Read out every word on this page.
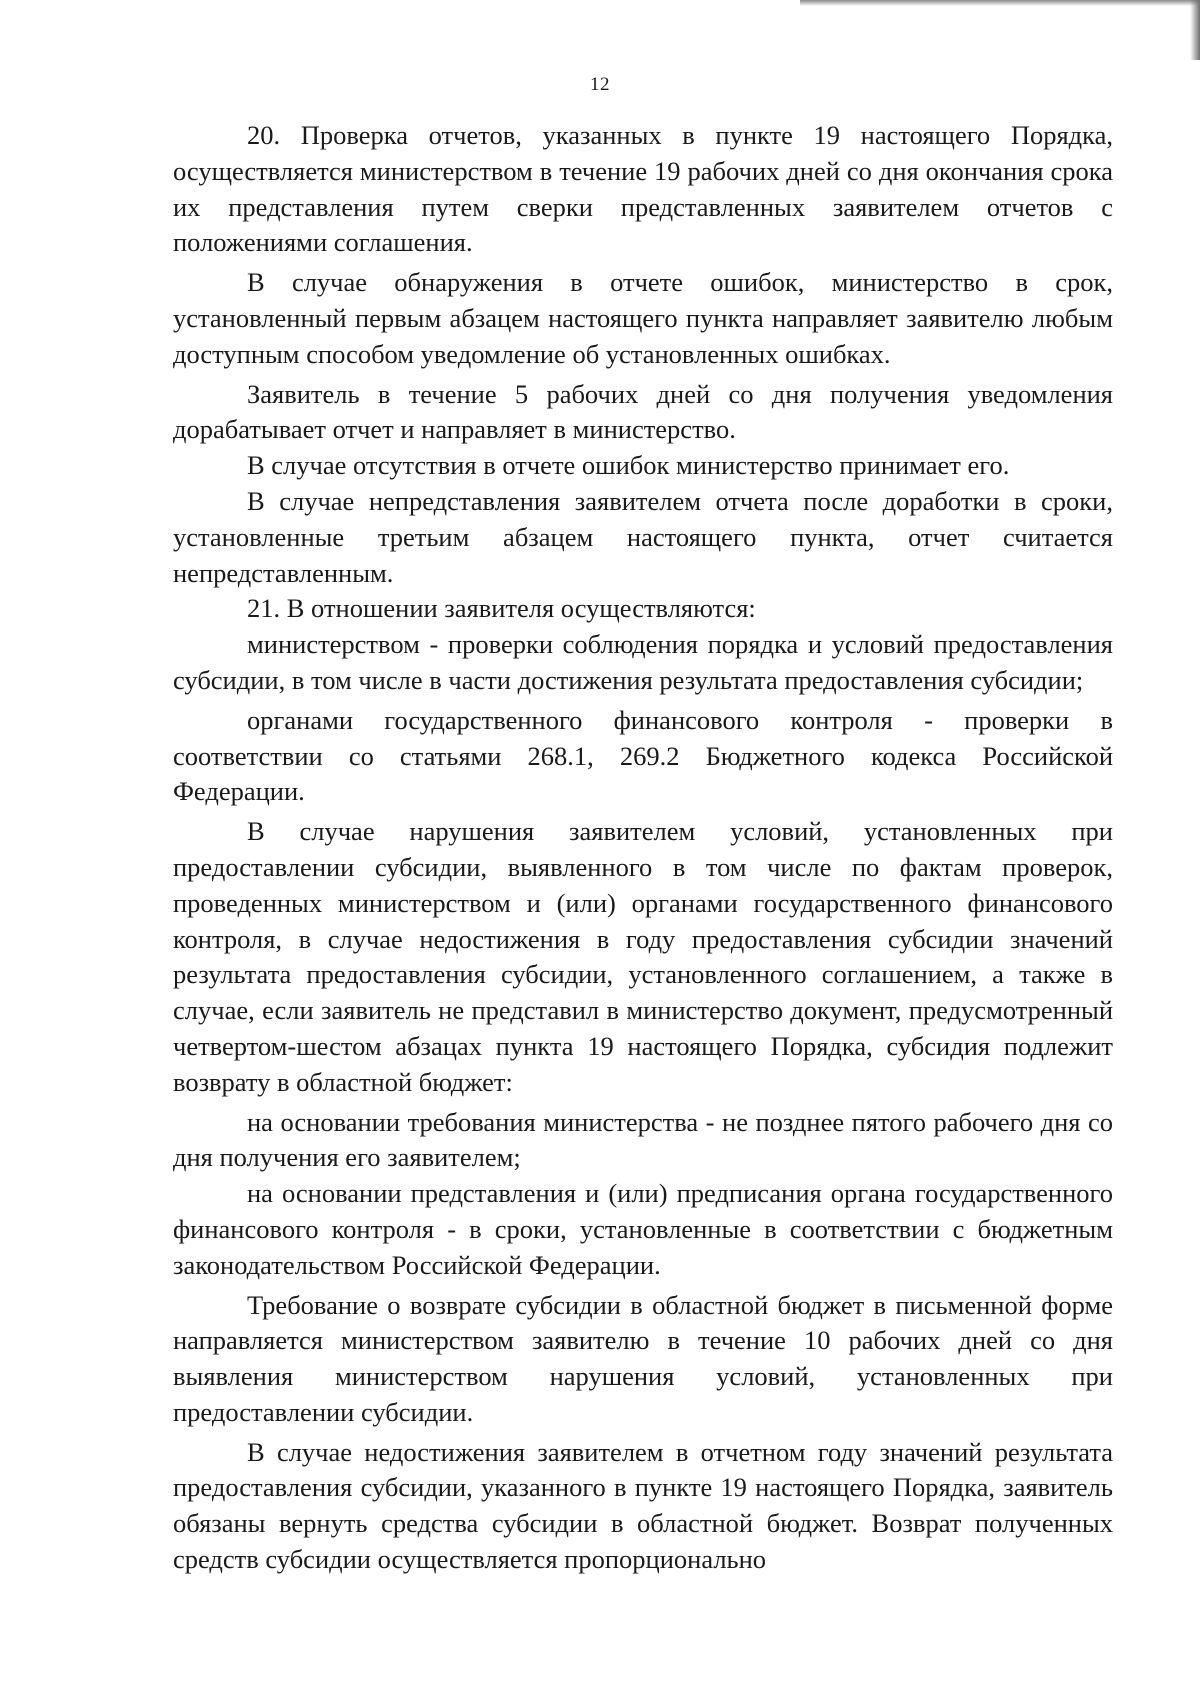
12

20. Проверка отчетов, указанных в пункте 19 настоящего Порядка, осуществляется министерством в течение 19 рабочих дней со дня окончания срока их представления путем сверки представленных заявителем отчетов с положениями соглашения.

В случае обнаружения в отчете ошибок, министерство в срок, установленный первым абзацем настоящего пункта направляет заявителю любым доступным способом уведомление об установленных ошибках.

Заявитель в течение 5 рабочих дней со дня получения уведомления дорабатывает отчет и направляет в министерство.

В случае отсутствия в отчете ошибок министерство принимает его.

В случае непредставления заявителем отчета после доработки в сроки, установленные третьим абзацем настоящего пункта, отчет считается непредставленным.

21. В отношении заявителя осуществляются:

министерством - проверки соблюдения порядка и условий предоставления субсидии, в том числе в части достижения результата предоставления субсидии;

органами государственного финансового контроля - проверки в соответствии со статьями 268.1, 269.2 Бюджетного кодекса Российской Федерации.

В случае нарушения заявителем условий, установленных при предоставлении субсидии, выявленного в том числе по фактам проверок, проведенных министерством и (или) органами государственного финансового контроля, в случае недостижения в году предоставления субсидии значений результата предоставления субсидии, установленного соглашением, а также в случае, если заявитель не представил в министерство документ, предусмотренный четвертом-шестом абзацах пункта 19 настоящего Порядка, субсидия подлежит возврату в областной бюджет:

на основании требования министерства - не позднее пятого рабочего дня со дня получения его заявителем;

на основании представления и (или) предписания органа государственного финансового контроля - в сроки, установленные в соответствии с бюджетным законодательством Российской Федерации.

Требование о возврате субсидии в областной бюджет в письменной форме направляется министерством заявителю в течение 10 рабочих дней со дня выявления министерством нарушения условий, установленных при предоставлении субсидии.

В случае недостижения заявителем в отчетном году значений результата предоставления субсидии, указанного в пункте 19 настоящего Порядка, заявитель обязаны вернуть средства субсидии в областной бюджет. Возврат полученных средств субсидии осуществляется пропорционально
